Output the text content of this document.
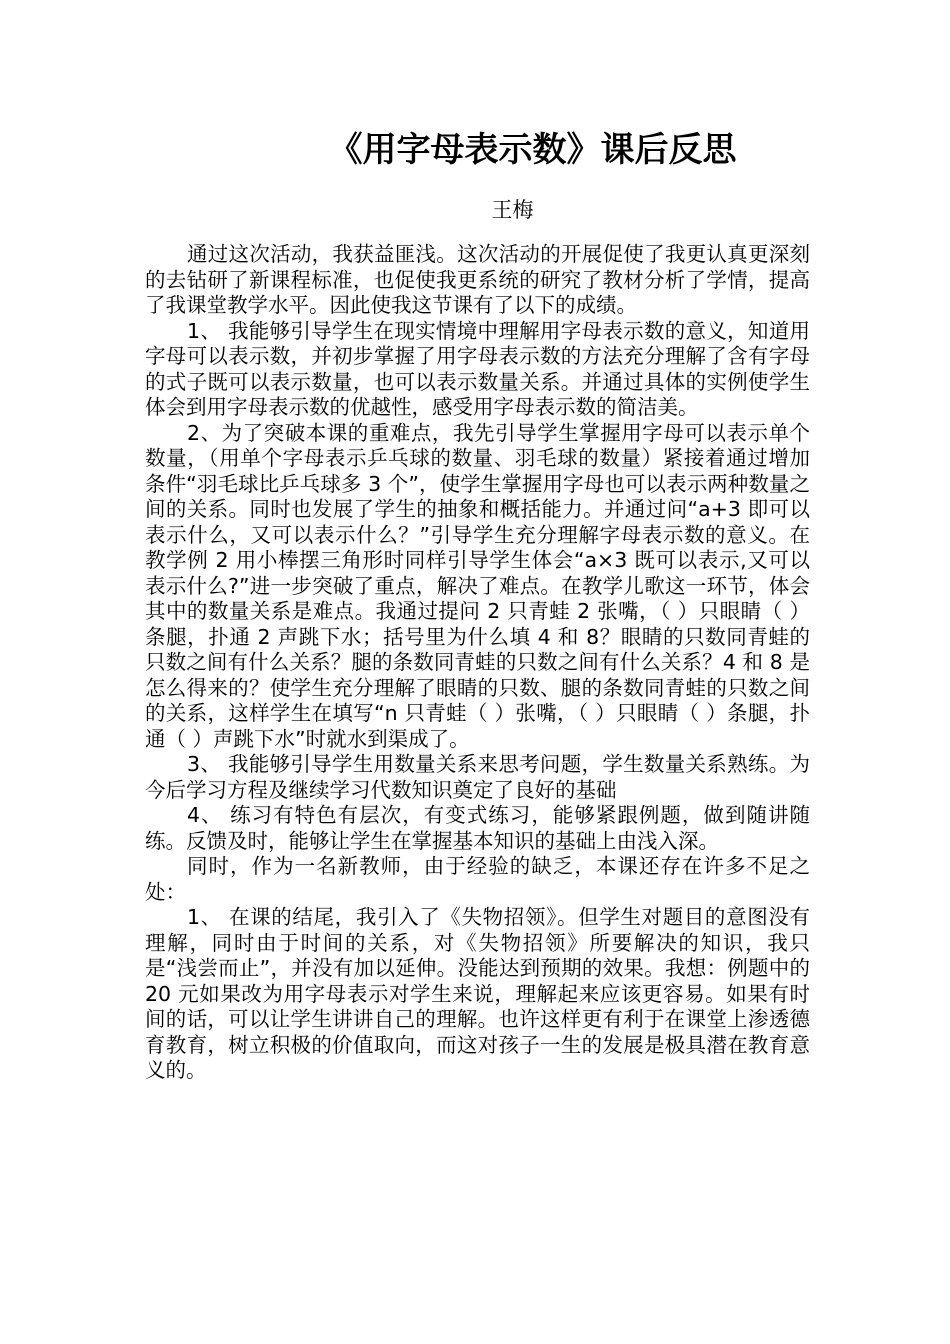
《用字母表示数》课后反思
王梅

通过这次活动，我获益匪浅。这次活动的开展促使了我更认真更深刻的去钻研了新课程标准，也促使我更系统的研究了教材分析了学情，提高了我课堂教学水平。因此使我这节课有了以下的成绩。

1、 我能够引导学生在现实情境中理解用字母表示数的意义，知道用字母可以表示数，并初步掌握了用字母表示数的方法充分理解了含有字母的式子既可以表示数量，也可以表示数量关系。并通过具体的实例使学生体会到用字母表示数的优越性，感受用字母表示数的简洁美。

2、为了突破本课的重难点，我先引导学生掌握用字母可以表示单个数量，（用单个字母表示乒乓球的数量、羽毛球的数量）紧接着通过增加条件“羽毛球比乒乓球多 3 个”，使学生掌握用字母也可以表示两种数量之间的关系。同时也发展了学生的抽象和概括能力。并通过问“a+3 即可以表示什么，又可以表示什么？”引导学生充分理解字母表示数的意义。在教学例 2 用小棒摆三角形时同样引导学生体会“a×3 既可以表示,又可以表示什么?”进一步突破了重点，解决了难点。在教学儿歌这一环节，体会其中的数量关系是难点。我通过提问 2 只青蛙 2 张嘴，（ ）只眼睛（ ）条腿，扑通 2 声跳下水；括号里为什么填 4 和 8？眼睛的只数同青蛙的只数之间有什么关系？腿的条数同青蛙的只数之间有什么关系？4 和 8 是怎么得来的？使学生充分理解了眼睛的只数、腿的条数同青蛙的只数之间的关系，这样学生在填写“n 只青蛙（ ）张嘴，（ ）只眼睛（ ）条腿，扑通（ ）声跳下水”时就水到渠成了。

3、 我能够引导学生用数量关系来思考问题，学生数量关系熟练。为今后学习方程及继续学习代数知识奠定了良好的基础

4、 练习有特色有层次，有变式练习，能够紧跟例题，做到随讲随练。反馈及时，能够让学生在掌握基本知识的基础上由浅入深。

同时，作为一名新教师，由于经验的缺乏，本课还存在许多不足之处：

1、 在课的结尾，我引入了《失物招领》。但学生对题目的意图没有理解，同时由于时间的关系，对《失物招领》所要解决的知识，我只是“浅尝而止”，并没有加以延伸。没能达到预期的效果。我想：例题中的 20 元如果改为用字母表示对学生来说，理解起来应该更容易。如果有时间的话，可以让学生讲讲自己的理解。也许这样更有利于在课堂上渗透德育教育，树立积极的价值取向，而这对孩子一生的发展是极具潜在教育意义的。
